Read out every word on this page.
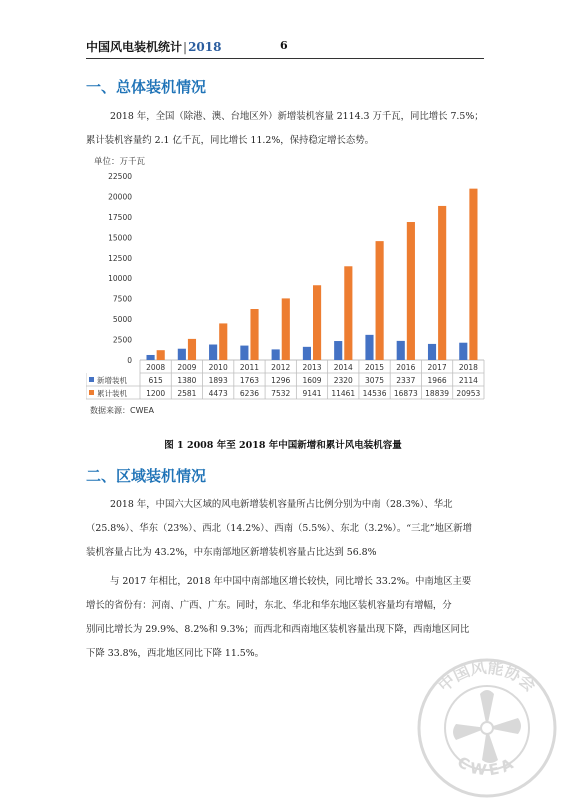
中国风电装机统计|2018	6
一、总体装机情况
2018 年，全国（除港、澳、台地区外）新增装机容量 2114.3 万千瓦，同比增长 7.5%；
累计装机容量约 2.1 亿千瓦，同比增长 11.2%，保持稳定增长态势。
单位：万千瓦
0
2500
5000
7500
10000
12500
15000
17500
20000
22500
2008 2009 2010 2011 2012 2013 2014 2015 2016 2017 2018
新增装机	615 1380 1893 1763 1296 1609 2320 3075 2337 1966 2114
累计装机	1200 2581 4473 6236 7532 9141 11461 14536 16873 18839 20953
数据来源：CWEA
图 1 2008 年至 2018 年中国新增和累计风电装机容量
二、区域装机情况
2018 年，中国六大区域的风电新增装机容量所占比例分别为中南（28.3%）、华北
（25.8%）、华东（23%）、西北（14.2%）、西南（5.5%）、东北（3.2%）。“三北”地区新增
装机容量占比为 43.2%，中东南部地区新增装机容量占比达到 56.8%
与 2017 年相比，2018 年中国中南部地区增长较快，同比增长 33.2%。中南地区主要
增长的省份有：河南、广西、广东。同时，东北、华北和华东地区装机容量均有增幅，分
别同比增长为 29.9%、8.2%和 9.3%；而西北和西南地区装机容量出现下降，西南地区同比
下降 33.8%，西北地区同比下降 11.5%。
中国风能协会
CWEA
